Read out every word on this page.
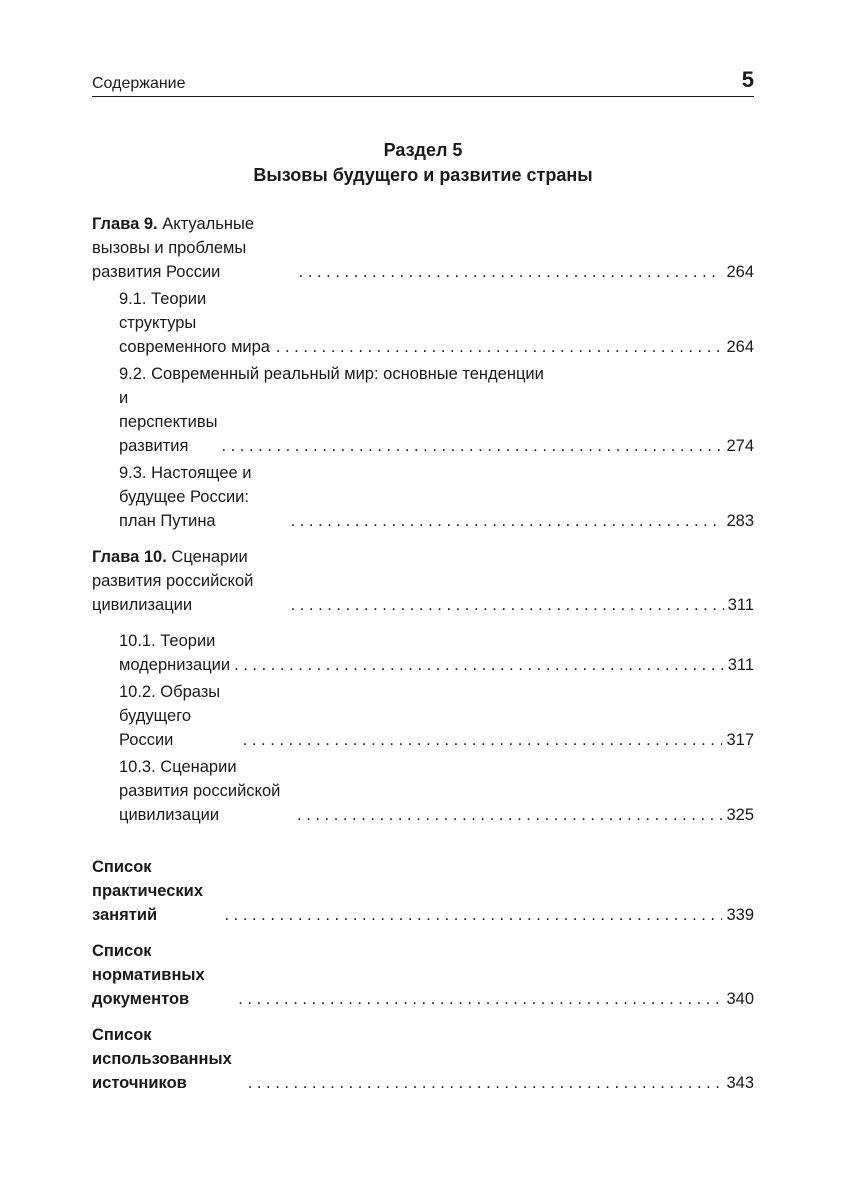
Содержание	5
Раздел 5
Вызовы будущего и развитие страны
Глава 9. Актуальные вызовы и проблемы развития России . . .	264
9.1. Теории структуры современного мира . . .	264
9.2. Современный реальный мир: основные тенденции
и перспективы развития . . .	274
9.3. Настоящее и будущее России: план Путина . . .	283
Глава 10. Сценарии развития российской цивилизации . . .	311
10.1. Теории модернизации . . .	311
10.2. Образы будущего России . . .	317
10.3. Сценарии развития российской цивилизации . . .	325
Список практических занятий . . .	339
Список нормативных документов . . .	340
Список использованных источников . . .	343
